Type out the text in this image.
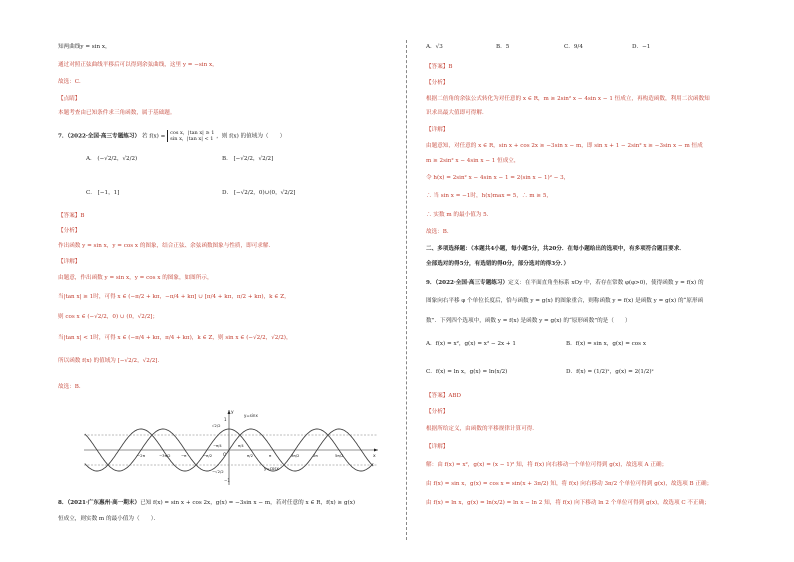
知两曲线y = sin x，
通过对照正弦曲线平移后可以得到余弦曲线，这里 y = −sin x，
故选：C．
【点睛】
本题考查由已知条件求三角函数，属于基础题。
7．（2022·全国·高三专题练习） 若 f(x) =
cos x，|tan x| ≥ 1
sin x，|tan x| < 1 ，则 f(x) 的值域为（　　）
A． (−√2/2，√2/2)	B． [−√2/2，√2/2]
C． [−1，1]	D． [−√2/2，0)∪(0，√2/2]
【答案】B
【分析】
作出函数 y = sin x，y = cos x 的图象，结合正弦、余弦函数图象与性质，即可求解．
【详解】
由题意，作出函数 y = sin x，y = cos x 的图象，如图所示，
当|tan x| ≥ 1时，可得 x ∈ (−π/2 + kπ，−π/4 + kπ] ∪ [π/4 + kπ，π/2 + kπ)，k ∈ Z，
则 cos x ∈ (−√2/2，0) ∪ (0，√2/2]；
当|tan x| < 1时，可得 x ∈ (−π/4 + kπ，π/4 + kπ)，k ∈ Z，则 sin x ∈ (−√2/2，√2/2)，
所以函数 f(x) 的值域为 [−√2/2，√2/2]．
故选：B.
y=sinx
y=cosx
y
x
√2/2
−√2/2
1
−1
O
−2π	−3π/2	−π	−π/2	π/2	π	3π/2	2π	5π/2
−π/4	π/4
8．（2021·广东惠州·高一期末）已知 f(x) = sin x + cos 2x，g(x) = −3sin x − m，若对任意的 x ∈ R，f(x) ≥ g(x)
恒成立，则实数 m 的最小值为（　　）．
A．√3	B．5	C．9/4	D．−1
【答案】B
【分析】
根据二倍角的余弦公式转化为对任意的 x ∈ R，m ≥ 2sin² x − 4sin x − 1 恒成立，再构造函数，利用二次函数知
识求出最大值即可得解．
【详解】
由题意知，对任意的 x ∈ R，sin x + cos 2x ≥ −3sin x − m，即 sin x + 1 − 2sin² x ≥ −3sin x − m 恒成
m ≥ 2sin² x − 4sin x − 1 恒成立，
令 h(x) = 2sin² x − 4sin x − 1 = 2(sin x − 1)² − 3，
∴ 当 sin x = −1时，h(x)max = 5，∴ m ≥ 5，
∴ 实数 m 的最小值为 5．
故选：B.
二、多项选择题：（本题共4小题，每小题5分，共20分．在每小题给出的选项中，有多项符合题目要求．
全部选对的得5分，有选错的得0分，部分选对的得3分．）
9．（2022·全国·高三专题练习）定义：在平面直角坐标系 xOy 中，若存在常数 φ(φ>0)，使得函数 y = f(x) 的
图象向右平移 φ 个单位长度后，恰与函数 y = g(x) 的图象重合，则称函数 y = f(x) 是函数 y = g(x) 的“原形函
数”．下列四个选项中，函数 y = f(x) 是函数 y = g(x) 的“原形函数”的是（　　）
A．f(x) = x²，g(x) = x² − 2x + 1	B．f(x) = sin x，g(x) = cos x
C．f(x) = ln x，g(x) = ln(x/2)	D．f(x) = (1/2)ˣ，g(x) = 2(1/2)ˣ
【答案】ABD
【分析】
根据所给定义，由函数的平移规律计算可得．
【详解】
解：由 f(x) = x²，g(x) = (x − 1)² 知，将 f(x) 向右移动一个单位可得到 g(x)，故选项 A 正确；
由 f(x) = sin x，g(x) = cos x = sin(x + 3π/2) 知，将 f(x) 向右移动 3π/2 个单位可得到 g(x)，故选项 B 正确；
由 f(x) = ln x，g(x) = ln(x/2) = ln x − ln 2 知，将 f(x) 向下移动 ln 2 个单位可得到 g(x)，故选项 C 不正确；
